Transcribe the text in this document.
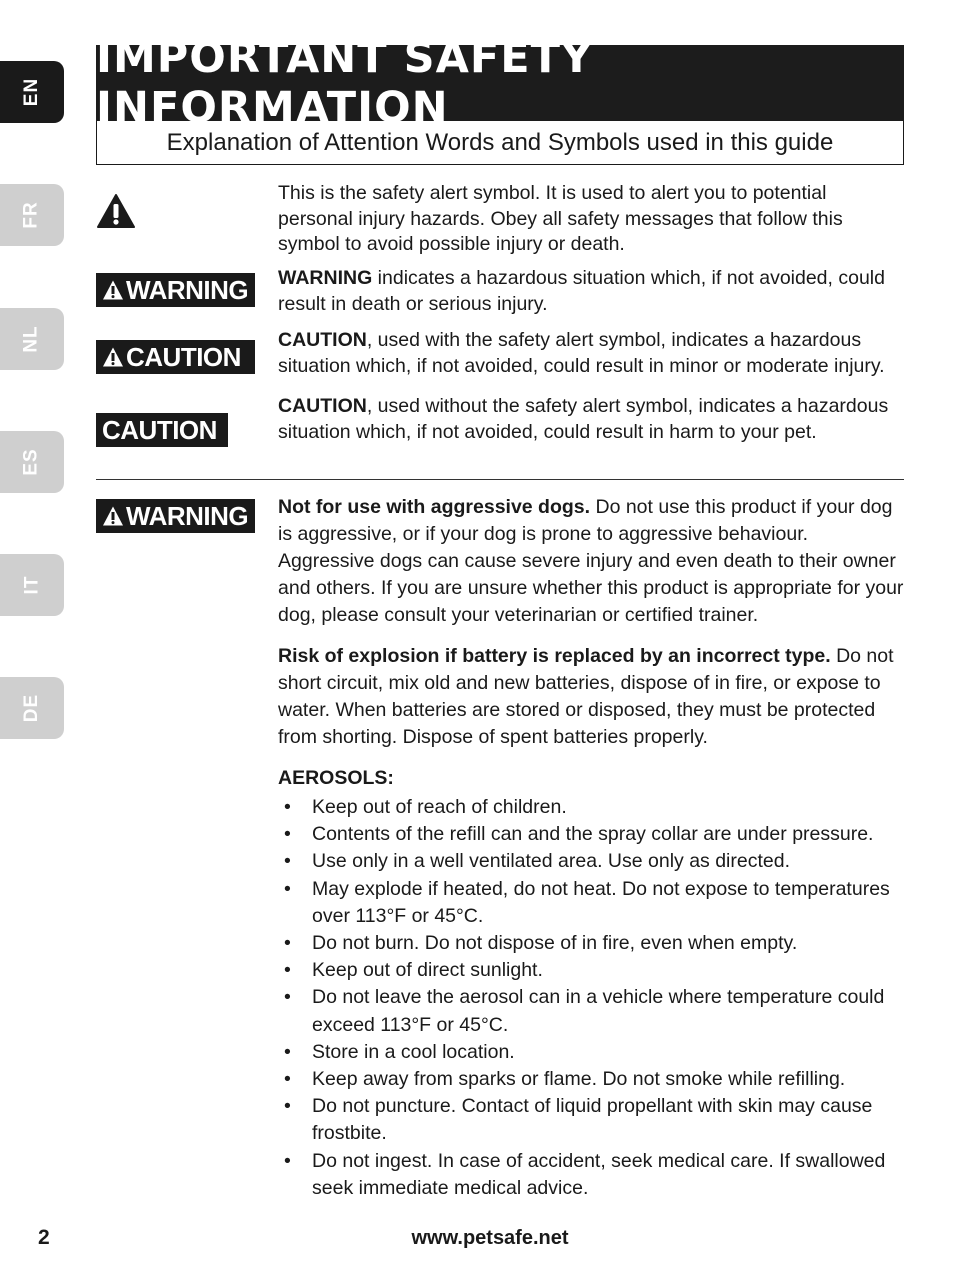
EN
FR
NL
ES
IT
DE
IMPORTANT SAFETY INFORMATION
Explanation of Attention Words and Symbols used in this guide
This is the safety alert symbol. It is used to alert you to potential personal injury hazards. Obey all safety messages that follow this symbol to avoid possible injury or death.
WARNING WARNING indicates a hazardous situation which, if not avoided, could result in death or serious injury.
CAUTION
CAUTION, used with the safety alert symbol, indicates a hazardous situation which, if not avoided, could result in minor or moderate injury.
CAUTION
CAUTION, used without the safety alert symbol, indicates a hazardous situation which, if not avoided, could result in harm to your pet.
WARNING Not for use with aggressive dogs. Do not use this product if your dog is aggressive, or if your dog is prone to aggressive behaviour. Aggressive dogs can cause severe injury and even death to their owner and others. If you are unsure whether this product is appropriate for your dog, please consult your veterinarian or certified trainer.

Risk of explosion if battery is replaced by an incorrect type. Do not short circuit, mix old and new batteries, dispose of in fire, or expose to water. When batteries are stored or disposed, they must be protected from shorting. Dispose of spent batteries properly.

AEROSOLS:
• Keep out of reach of children.
• Contents of the refill can and the spray collar are under pressure.
• Use only in a well ventilated area. Use only as directed.
• May explode if heated, do not heat. Do not expose to temperatures over 113°F or 45°C.
• Do not burn. Do not dispose of in fire, even when empty.
• Keep out of direct sunlight.
• Do not leave the aerosol can in a vehicle where temperature could exceed 113°F or 45°C.
• Store in a cool location.
• Keep away from sparks or flame. Do not smoke while refilling.
• Do not puncture. Contact of liquid propellant with skin may cause frostbite.
• Do not ingest. In case of accident, seek medical care. If swallowed seek immediate medical advice.
2	www.petsafe.net
